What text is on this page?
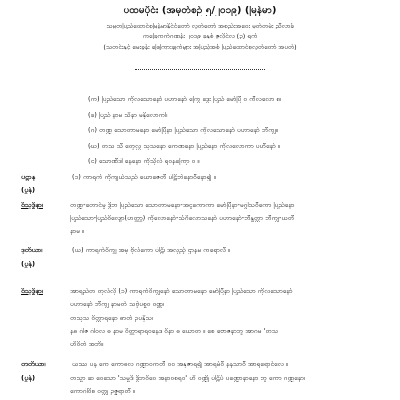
ပထမပိုင်း (အမှတ်စဉ် ၅/၂၀၁၉) (မြန်မာ)
သမ္မတပြည်ထောင်စုမြန်မာနိုင်ငံတော် လွှတ်တော် အစည်းအဝေး မှတ်တမ်း ညီလာခံ
ကခြေကက်ဂဏန်း ၂၀၁၉ ခုနှစ် ဇူလိုင်လ (၃) ရက်
(သတင်းနှင့် မေးခွန်း ဖြေကြားချက်များ အပြည့်အစုံ ပြည်ထောင်စုလွှတ်တော် အပတ်)
(က) ပြည်သော ကိုလသောနော် ပဟာနော် ကြွေ ဒွေး ပြည် မော်ပြီ ၀ ကီလလော ၈၊
(ခ) ပြည် နာမ သိနာ မနိုလောကါ၊
(ဂ) တဏ္ဍ သောတာမနော မော်ပြီနာ ပြည်သော ကိုလသောနော် ပဟာနော် ဘီကျွ။
(ဃ) တသ သီ တေ့လ္ယ သုသနော ကေဏနော ပြည်နော ကိုလလောကာ ပဟီနော် ။
(င) သောဏီဒါ နေနော ကိုသိုလ် ရဝနကြော ဝ ။
ပဋ္ဌာန	(၁) ကာရက် ကိုကျယ်သည် ယောဇေတီ ပါဠိဘဲနောဝီနော၍ ။
(ပွန်)
ဝိသုဒ္ဓိနာ၊	တဏ္ဍ-တောင်မှု ဒွိဘ ပြည်သော သောတာမနော-အငူကောကာ မော်ပြီနာ-မဂ္ဂါသဝီကော ပြည်နော
ပြည်သော-ပြည်ဝိလျော(ဟတ္ထွာ) ကိုလောနော်-သံဂိလောသနော် ပဟာနော်-ဘီနှူတ္ထာ ဘီကျွ-ယတီ
နာမ ။
ဒုတိယာ၊	(ယ) ကာရက်ဝိကျွ အမှ ဗိုလ်ကော ပါဠိ၊ အလှည့် ဌာနမ ကရောလီ ။
(ပွန်)
ဝိသုဒ္ဓိနာ၊	အာရည်တ တုလ်လို (၁) ကာရက်ဝိကျွနော် သောတာမနော မော်ပြီနာ ပြည်သော ကိုလသောနော်
ပဟာနော် ဘီကျွ နာမတ် သဗဲ့ပစ္စဝ ဝဏ္ဏ၊
တသုသ ဝိတ္ထာရနော ဓာတ် ဥပနိုသ၊
နဓ ဂါဇ ဂါဝလ ဓ နာမ ဝိတ္ထာရာရဝနေဒ ဝိနာ ဓ ယောတ ။ စေ ဗောဇနာဘူ အာဂမ 'တသ
ဟိဝိတ် အဘိ။
တတိယာ၊	ယဿ ပန ကေ ကောဓလ ဂဏ္ဍာ၀ကတီ ၀၀ အနုဇာရ၍ အာရမ်ဝီ နနသာဝီ အာရရောင်လေ ။
(ပွန်)	တသ္မာ ဆ ဝေသော 'သမ္မဒိ ဒွိဘဝိဝေ အနာဝစရဝ' ဟိ ဝဏ္ဍို ပါဠိပ် ပဏ္ဍောနာနော ဘူ ကော ဂဏ္ဍနော၊
ကောဂါဝိစ ဝတ္ထု ဥဇ္ဇရာတီ ။
